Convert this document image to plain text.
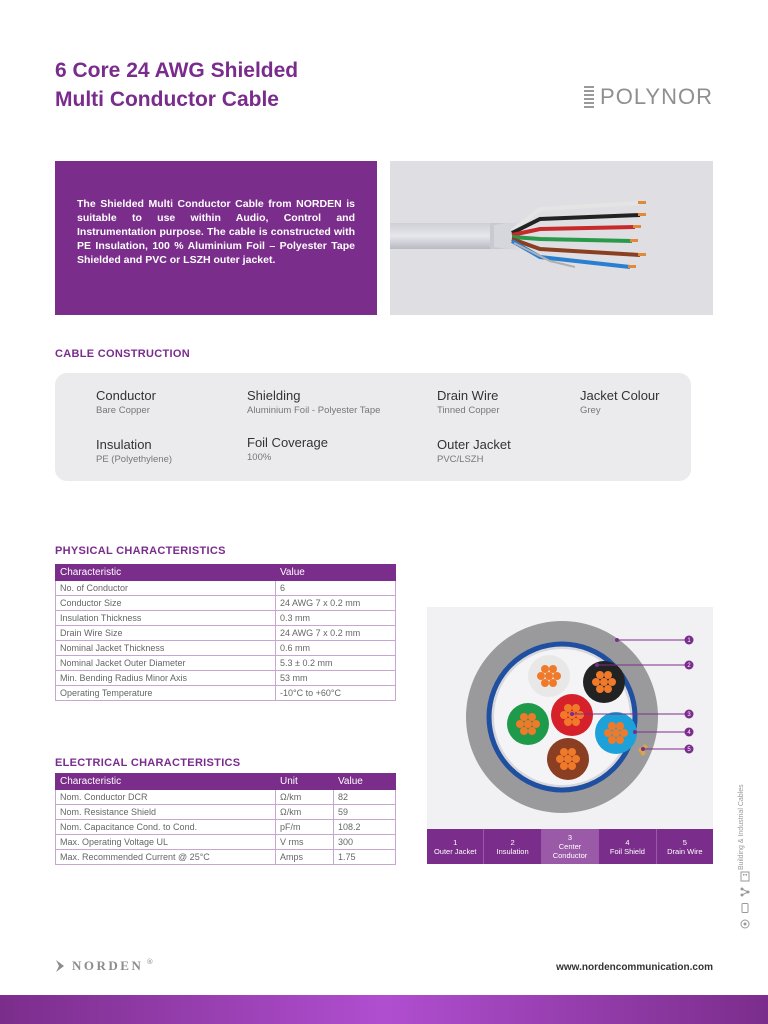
6 Core 24 AWG Shielded
Multi Conductor Cable	POLYNOR

The Shielded Multi Conductor Cable from NORDEN is suitable to use within Audio, Control and Instrumentation purpose. The cable is constructed with PE Insulation, 100 % Aluminium Foil – Polyester Tape Shielded and PVC or LSZH outer jacket.

CABLE CONSTRUCTION
Conductor
Bare Copper
Shielding
Aluminium Foil - Polyester Tape
Drain Wire
Tinned Copper
Jacket Colour
Grey
Insulation
PE (Polyethylene)
Foil Coverage
100%
Outer Jacket
PVC/LSZH
PHYSICAL CHARACTERISTICS
Characteristic	Value
No. of Conductor	6
Conductor Size	24 AWG 7 x 0.2 mm
Insulation Thickness	0.3 mm
Drain Wire Size	24 AWG 7 x 0.2 mm
Nominal Jacket Thickness	0.6 mm
Nominal Jacket Outer Diameter	5.3 ± 0.2 mm
Min. Bending Radius Minor Axis	53 mm
Operating Temperature	-10°C to +60°C
ELECTRICAL CHARACTERISTICS
Characteristic	Unit	Value
Nom. Conductor DCR	Ω/km	82
Nom. Resistance Shield	Ω/km	59
Nom. Capacitance Cond. to Cond.	pF/m	108.2
Max. Operating Voltage UL	V rms	300
Max. Recommended Current @ 25°C	Amps	1.75
1
2
3
4
5
1
Outer Jacket
2
Insulation
3
Center Conductor
4
Foil Shield
5
Drain Wire	Building & Industrial Cables
NORDEN ®	www.nordencommunication.com
